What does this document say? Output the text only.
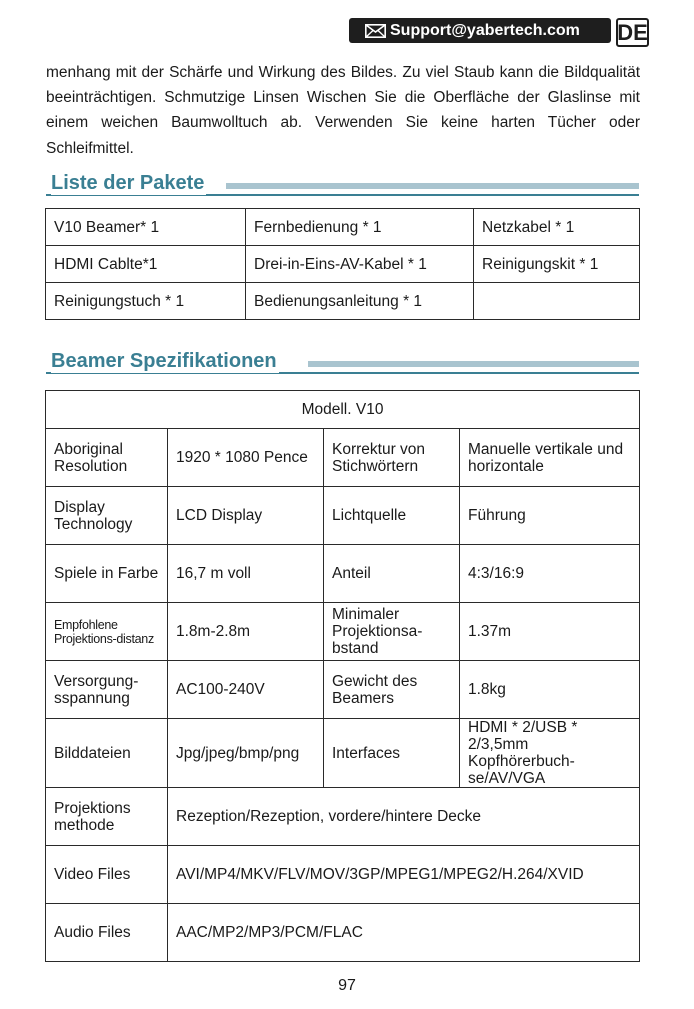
Support@yabertech.com DE

menhang mit der Schärfe und Wirkung des Bildes. Zu viel Staub kann die Bildqualität beeinträchtigen. Schmutzige Linsen Wischen Sie die Oberfläche der Glaslinse mit einem weichen Baumwolltuch ab. Verwenden Sie keine harten Tücher oder Schleifmittel.

Liste der Pakete
V10 Beamer* 1	Fernbedienung * 1	Netzkabel * 1
HDMI Cablte*1	Drei-in-Eins-AV-Kabel * 1	Reinigungskit * 1
Reinigungstuch * 1	Bedienungsanleitung * 1	
Beamer Spezifikationen
Modell. V10			
Aboriginal Resolution	1920 * 1080 Pence	Korrektur von Stichwörtern	Manuelle vertikale und horizontale
Display Technology	LCD Display	Lichtquelle	Führung
Spiele in Farbe	16,7 m voll	Anteil	4:3/16:9
Empfohlene Projektions-distanz	1.8m-2.8m	Minimaler Projektionsa-bstand	1.37m
Versorgung-sspannung	AC100-240V	Gewicht des Beamers	1.8kg
Bilddateien	Jpg/jpeg/bmp/png	Interfaces	HDMI * 2/USB * 2/3,5mm Kopfhörerbuch-se/AV/VGA
Projektions methode	Rezeption/Rezeption, vordere/hintere Decke		
Video Files	AVI/MP4/MKV/FLV/MOV/3GP/MPEG1/MPEG2/H.264/XVID		
Audio Files	AAC/MP2/MP3/PCM/FLAC		
97
